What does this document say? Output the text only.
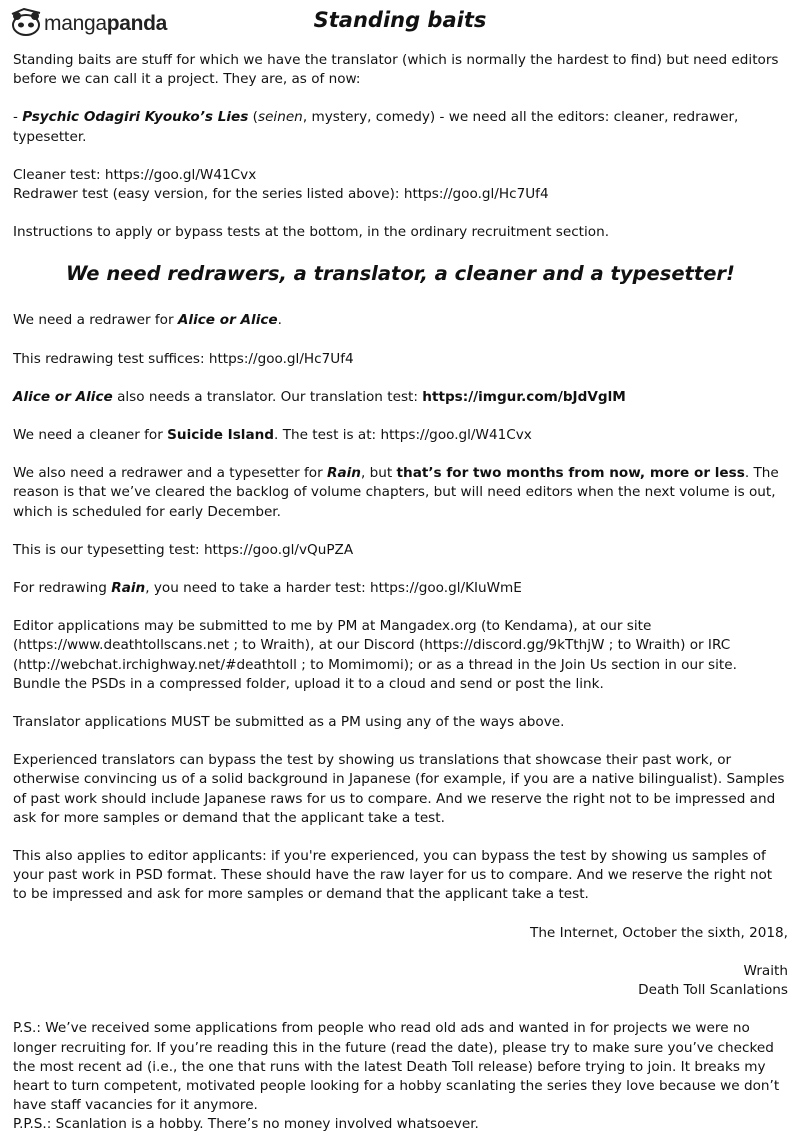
mangapanda	Standing baits

Standing baits are stuff for which we have the translator (which is normally the hardest to find) but need editors before we can call it a project. They are, as of now:

- Psychic Odagiri Kyouko’s Lies (seinen, mystery, comedy) - we need all the editors: cleaner, redrawer, typesetter.

Cleaner test: https://goo.gl/W41Cvx
Redrawer test (easy version, for the series listed above): https://goo.gl/Hc7Uf4

Instructions to apply or bypass tests at the bottom, in the ordinary recruitment section.

We need redrawers, a translator, a cleaner and a typesetter!

We need a redrawer for Alice or Alice.

This redrawing test suffices: https://goo.gl/Hc7Uf4

Alice or Alice also needs a translator. Our translation test: https://imgur.com/bJdVglM

We need a cleaner for Suicide Island. The test is at: https://goo.gl/W41Cvx

We also need a redrawer and a typesetter for Rain, but that’s for two months from now, more or less. The reason is that we’ve cleared the backlog of volume chapters, but will need editors when the next volume is out, which is scheduled for early December.

This is our typesetting test: https://goo.gl/vQuPZA

For redrawing Rain, you need to take a harder test: https://goo.gl/KIuWmE

Editor applications may be submitted to me by PM at Mangadex.org (to Kendama), at our site (https://www.deathtollscans.net ; to Wraith), at our Discord (https://discord.gg/9kTthjW ; to Wraith) or IRC (http://webchat.irchighway.net/#deathtoll ; to Momimomi); or as a thread in the Join Us section in our site. Bundle the PSDs in a compressed folder, upload it to a cloud and send or post the link.

Translator applications MUST be submitted as a PM using any of the ways above.

Experienced translators can bypass the test by showing us translations that showcase their past work, or otherwise convincing us of a solid background in Japanese (for example, if you are a native bilingualist). Samples of past work should include Japanese raws for us to compare. And we reserve the right not to be impressed and ask for more samples or demand that the applicant take a test.

This also applies to editor applicants: if you're experienced, you can bypass the test by showing us samples of your past work in PSD format. These should have the raw layer for us to compare. And we reserve the right not to be impressed and ask for more samples or demand that the applicant take a test.

The Internet, October the sixth, 2018,

Wraith
Death Toll Scanlations

P.S.: We’ve received some applications from people who read old ads and wanted in for projects we were no longer recruiting for. If you’re reading this in the future (read the date), please try to make sure you’ve checked the most recent ad (i.e., the one that runs with the latest Death Toll release) before trying to join. It breaks my heart to turn competent, motivated people looking for a hobby scanlating the series they love because we don’t have staff vacancies for it anymore.

P.P.S.: Scanlation is a hobby. There’s no money involved whatsoever.
